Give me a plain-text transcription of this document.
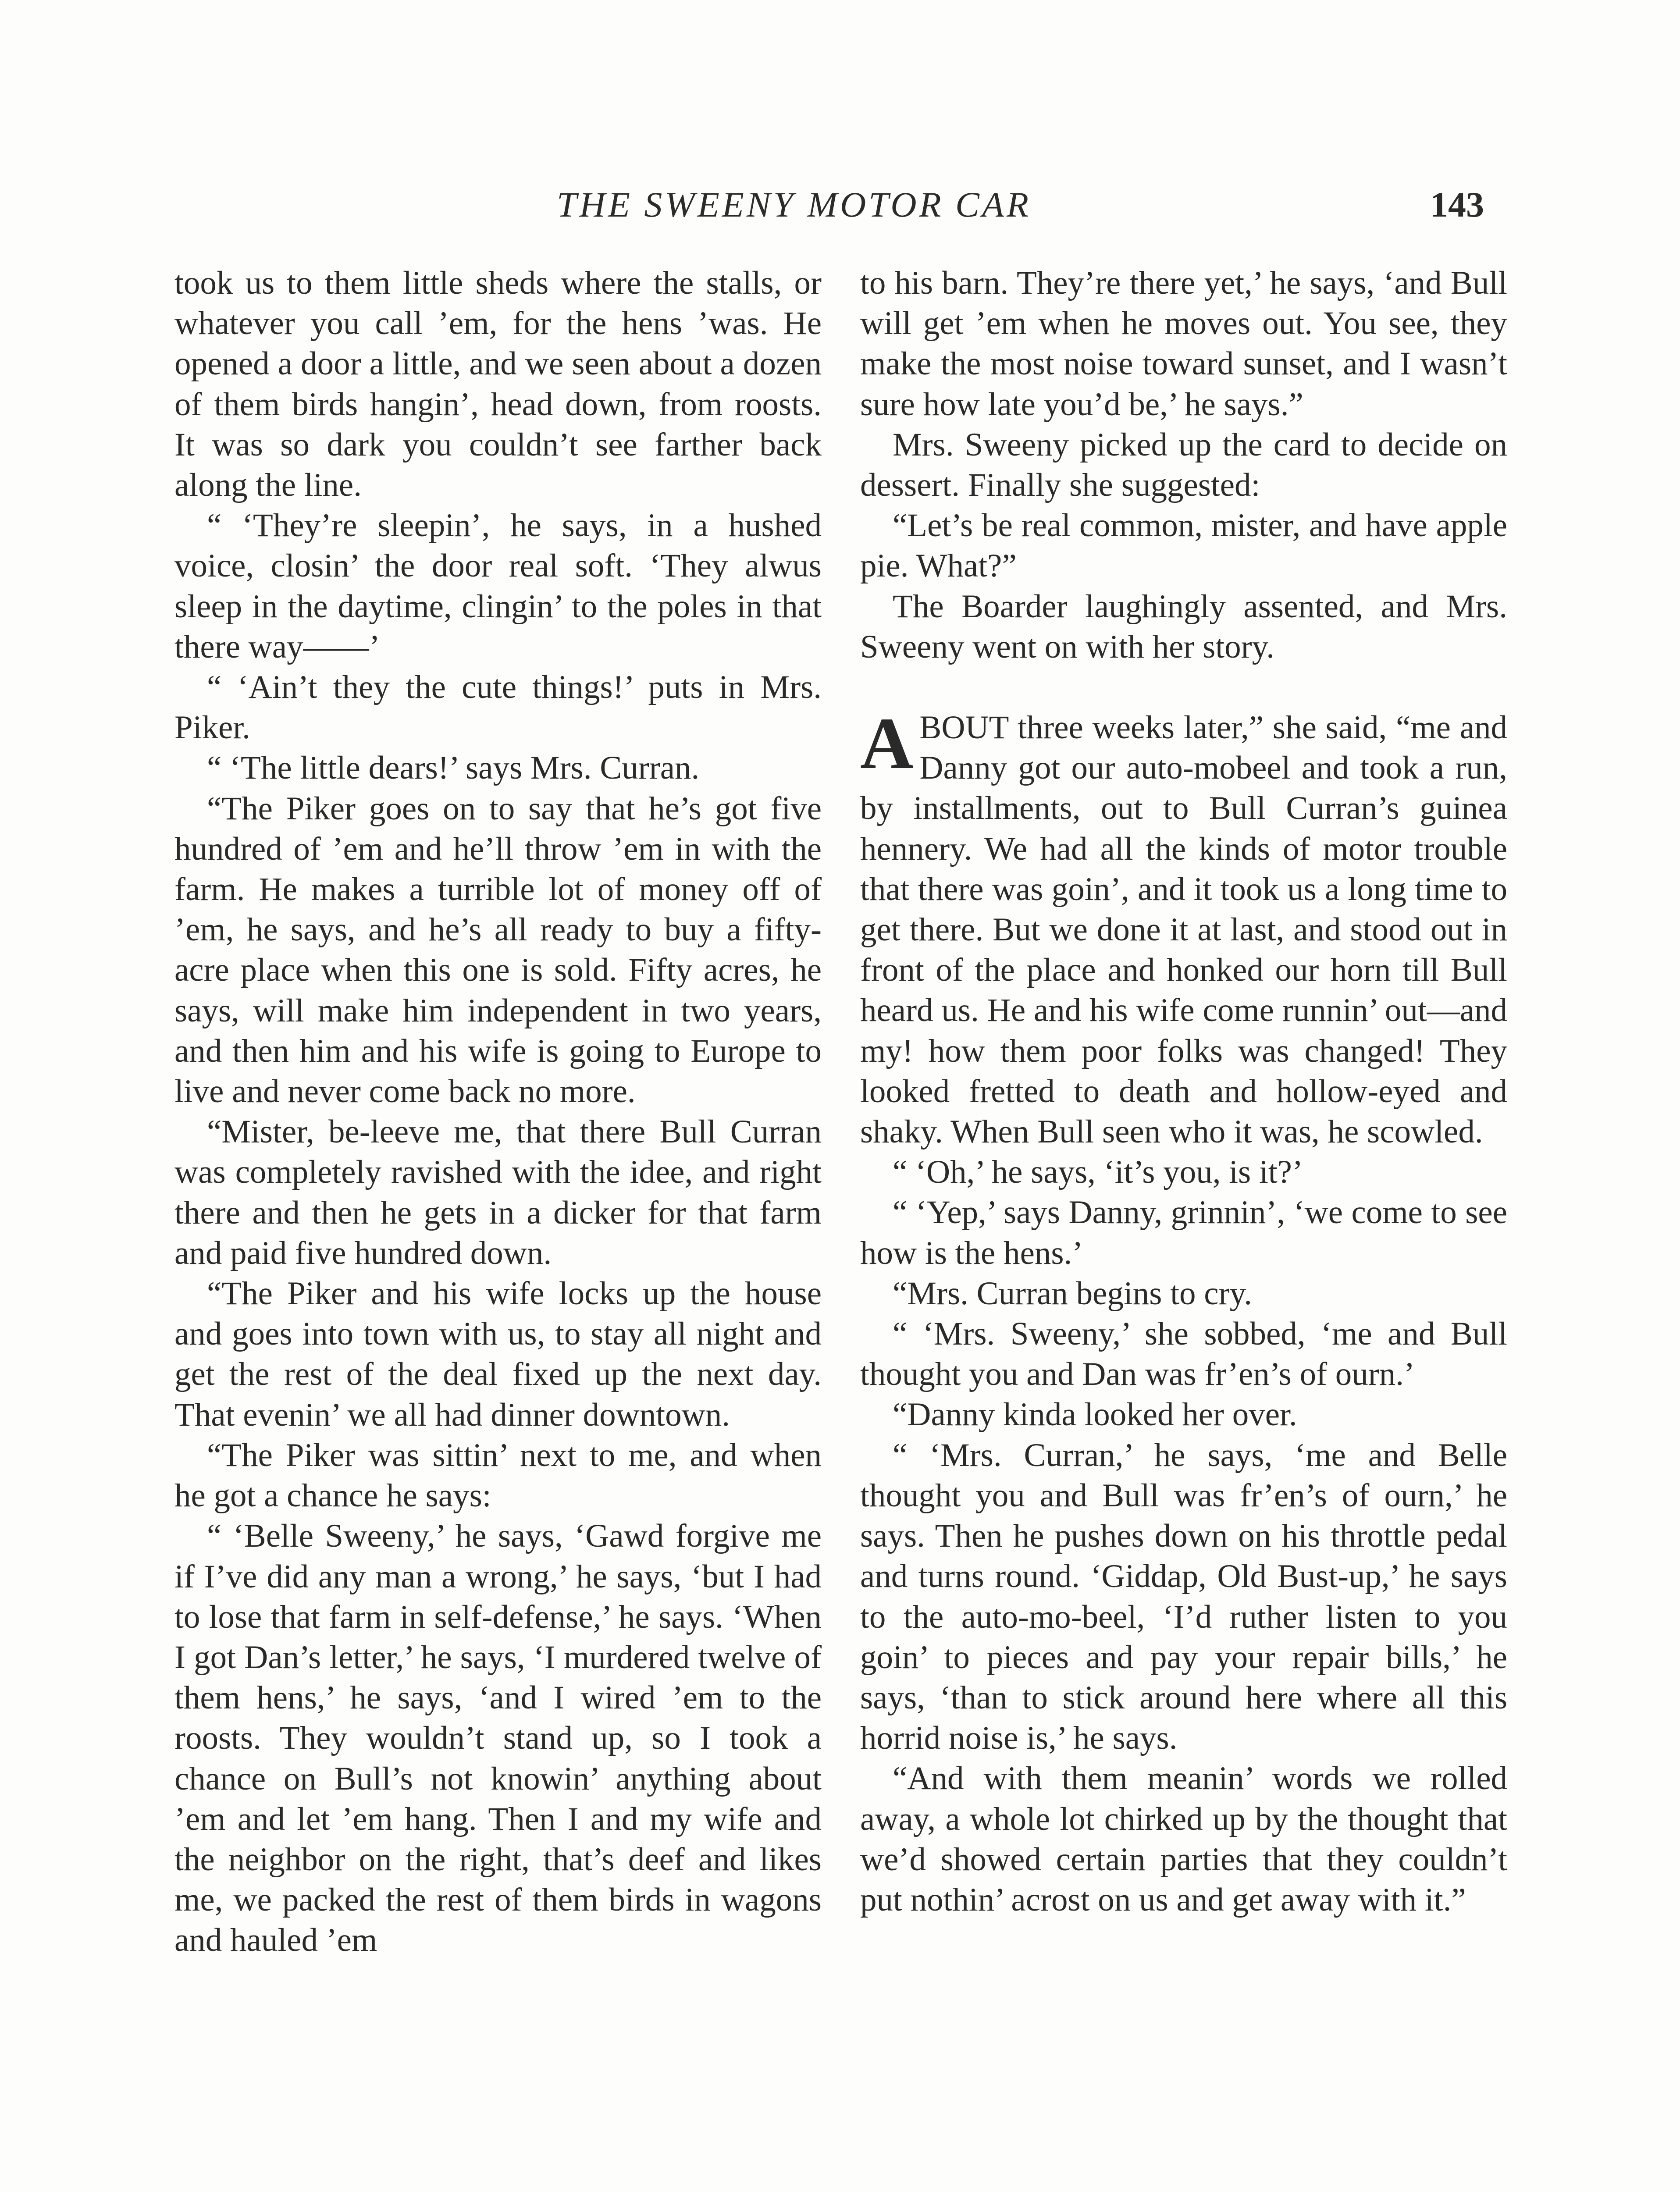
THE SWEENY MOTOR CAR	143

took us to them little sheds where the stalls, or whatever you call ’em, for the hens ’was. He opened a door a little, and we seen about a dozen of them birds hangin’, head down, from roosts. It was so dark you couldn’t see farther back along the line.

“ ‘They’re sleepin’, he says, in a hushed voice, closin’ the door real soft. ‘They alwus sleep in the daytime, clingin’ to the poles in that there way——’

“ ‘Ain’t they the cute things!’ puts in Mrs. Piker.

“ ‘The little dears!’ says Mrs. Curran.

“The Piker goes on to say that he’s got five hundred of ’em and he’ll throw ’em in with the farm. He makes a turrible lot of money off of ’em, he says, and he’s all ready to buy a fifty-acre place when this one is sold. Fifty acres, he says, will make him independent in two years, and then him and his wife is going to Europe to live and never come back no more.

“Mister, be-leeve me, that there Bull Curran was completely ravished with the idee, and right there and then he gets in a dicker for that farm and paid five hundred down.

“The Piker and his wife locks up the house and goes into town with us, to stay all night and get the rest of the deal fixed up the next day. That evenin’ we all had dinner downtown.

“The Piker was sittin’ next to me, and when he got a chance he says:

“ ‘Belle Sweeny,’ he says, ‘Gawd forgive me if I’ve did any man a wrong,’ he says, ‘but I had to lose that farm in self-defense,’ he says. ‘When I got Dan’s letter,’ he says, ‘I murdered twelve of them hens,’ he says, ‘and I wired ’em to the roosts. They wouldn’t stand up, so I took a chance on Bull’s not knowin’ anything about ’em and let ’em hang. Then I and my wife and the neighbor on the right, that’s deef and likes me, we packed the rest of them birds in wagons and hauled ’em

to his barn. They’re there yet,’ he says, ‘and Bull will get ’em when he moves out. You see, they make the most noise toward sunset, and I wasn’t sure how late you’d be,’ he says.”

Mrs. Sweeny picked up the card to decide on dessert. Finally she suggested:

“Let’s be real common, mister, and have apple pie. What?”

The Boarder laughingly assented, and Mrs. Sweeny went on with her story.

ABOUT three weeks later,” she said, “me and Danny got our auto-mobeel and took a run, by installments, out to Bull Curran’s guinea hennery. We had all the kinds of motor trouble that there was goin’, and it took us a long time to get there. But we done it at last, and stood out in front of the place and honked our horn till Bull heard us. He and his wife come runnin’ out—and my! how them poor folks was changed! They looked fretted to death and hollow-eyed and shaky. When Bull seen who it was, he scowled.

“ ‘Oh,’ he says, ‘it’s you, is it?’

“ ‘Yep,’ says Danny, grinnin’, ‘we come to see how is the hens.’

“Mrs. Curran begins to cry.

“ ‘Mrs. Sweeny,’ she sobbed, ‘me and Bull thought you and Dan was fr’en’s of ourn.’

“Danny kinda looked her over.

“ ‘Mrs. Curran,’ he says, ‘me and Belle thought you and Bull was fr’en’s of ourn,’ he says. Then he pushes down on his throttle pedal and turns round. ‘Giddap, Old Bust-up,’ he says to the auto-mo-beel, ‘I’d ruther listen to you goin’ to pieces and pay your repair bills,’ he says, ‘than to stick around here where all this horrid noise is,’ he says.

“And with them meanin’ words we rolled away, a whole lot chirked up by the thought that we’d showed certain parties that they couldn’t put nothin’ acrost on us and get away with it.”
